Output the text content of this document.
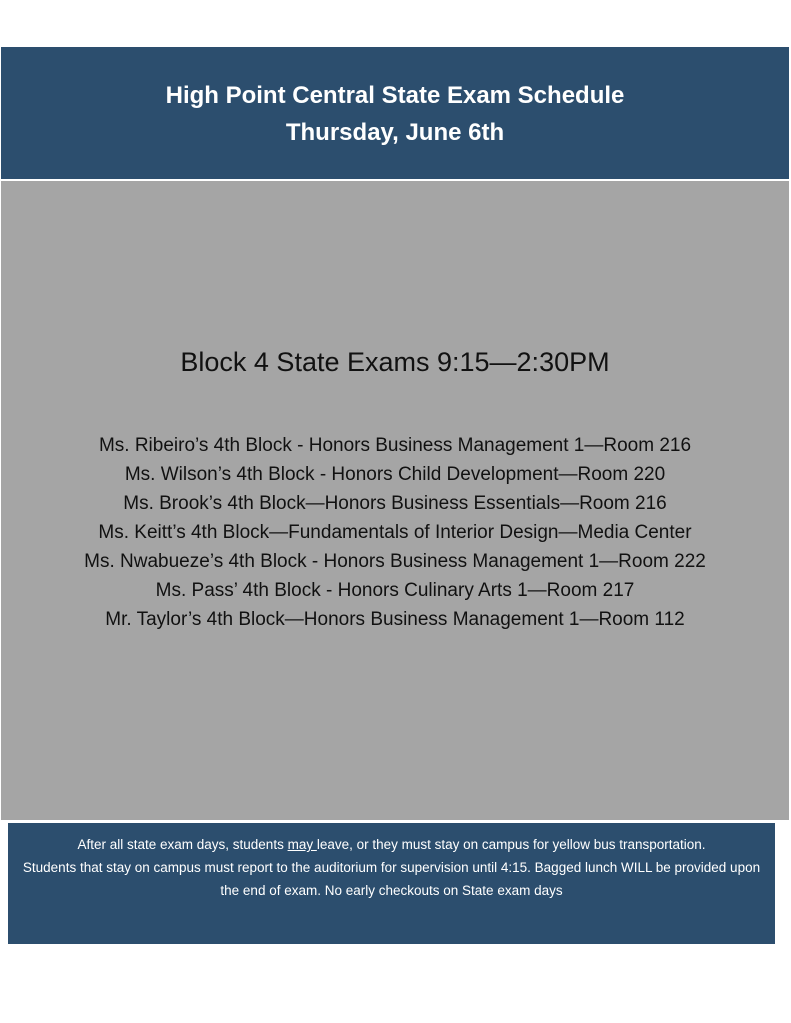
High Point Central State Exam Schedule
Thursday, June 6th
Block 4 State Exams 9:15—2:30PM
Ms. Ribeiro’s 4th Block - Honors Business Management 1—Room 216
Ms. Wilson’s 4th Block - Honors Child Development—Room 220
Ms. Brook’s 4th Block—Honors Business Essentials—Room 216
Ms. Keitt’s 4th Block—Fundamentals of Interior Design—Media Center
Ms. Nwabueze’s 4th Block - Honors Business Management 1—Room 222
Ms. Pass’ 4th Block - Honors Culinary Arts 1—Room 217
Mr. Taylor’s 4th Block—Honors Business Management 1—Room 112
After all state exam days, students may leave, or they must stay on campus for yellow bus transportation.
Students that stay on campus must report to the auditorium for supervision until 4:15. Bagged lunch WILL be provided upon the end of exam. No early checkouts on State exam days
